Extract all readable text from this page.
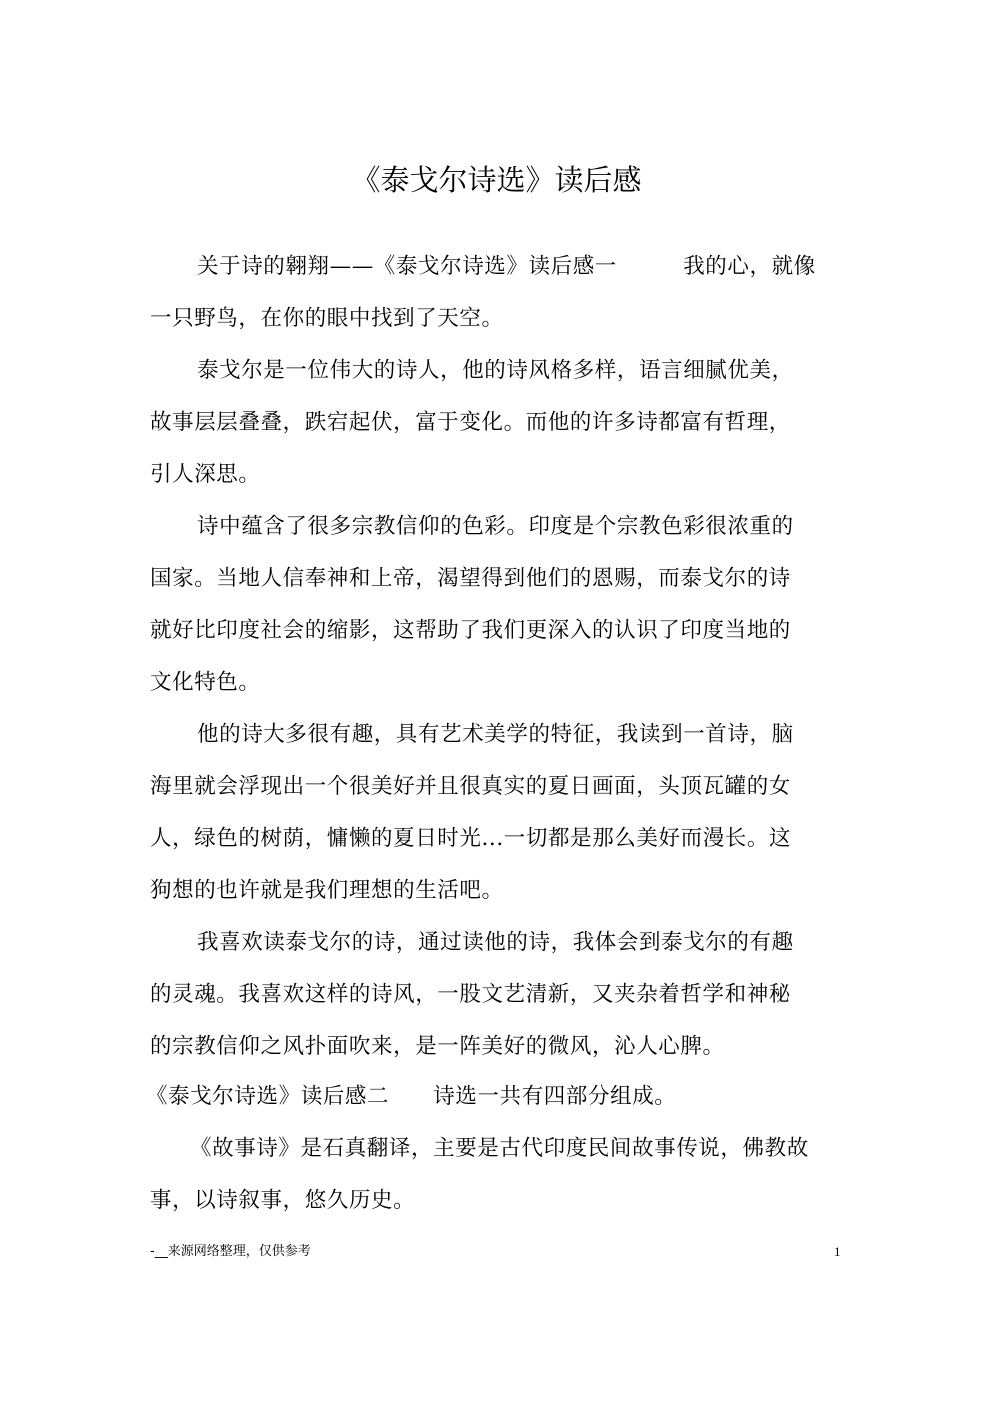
《泰戈尔诗选》读后感
关于诗的翱翔——《泰戈尔诗选》读后感一　　　我的心，就像
一只野鸟，在你的眼中找到了天空。
泰戈尔是一位伟大的诗人，他的诗风格多样，语言细腻优美，
故事层层叠叠，跌宕起伏，富于变化。而他的许多诗都富有哲理，
引人深思。
诗中蕴含了很多宗教信仰的色彩。印度是个宗教色彩很浓重的
国家。当地人信奉神和上帝，渴望得到他们的恩赐，而泰戈尔的诗
就好比印度社会的缩影，这帮助了我们更深入的认识了印度当地的
文化特色。
他的诗大多很有趣，具有艺术美学的特征，我读到一首诗，脑
海里就会浮现出一个很美好并且很真实的夏日画面，头顶瓦罐的女
人，绿色的树荫，慵懒的夏日时光...一切都是那么美好而漫长。这
狗想的也许就是我们理想的生活吧。
我喜欢读泰戈尔的诗，通过读他的诗，我体会到泰戈尔的有趣
的灵魂。我喜欢这样的诗风，一股文艺清新，又夹杂着哲学和神秘
的宗教信仰之风扑面吹来，是一阵美好的微风，沁人心脾。
《泰戈尔诗选》读后感二　　诗选一共有四部分组成。
《故事诗》是石真翻译，主要是古代印度民间故事传说，佛教故
事，以诗叙事，悠久历史。
-__来源网络整理，仅供参考	1
